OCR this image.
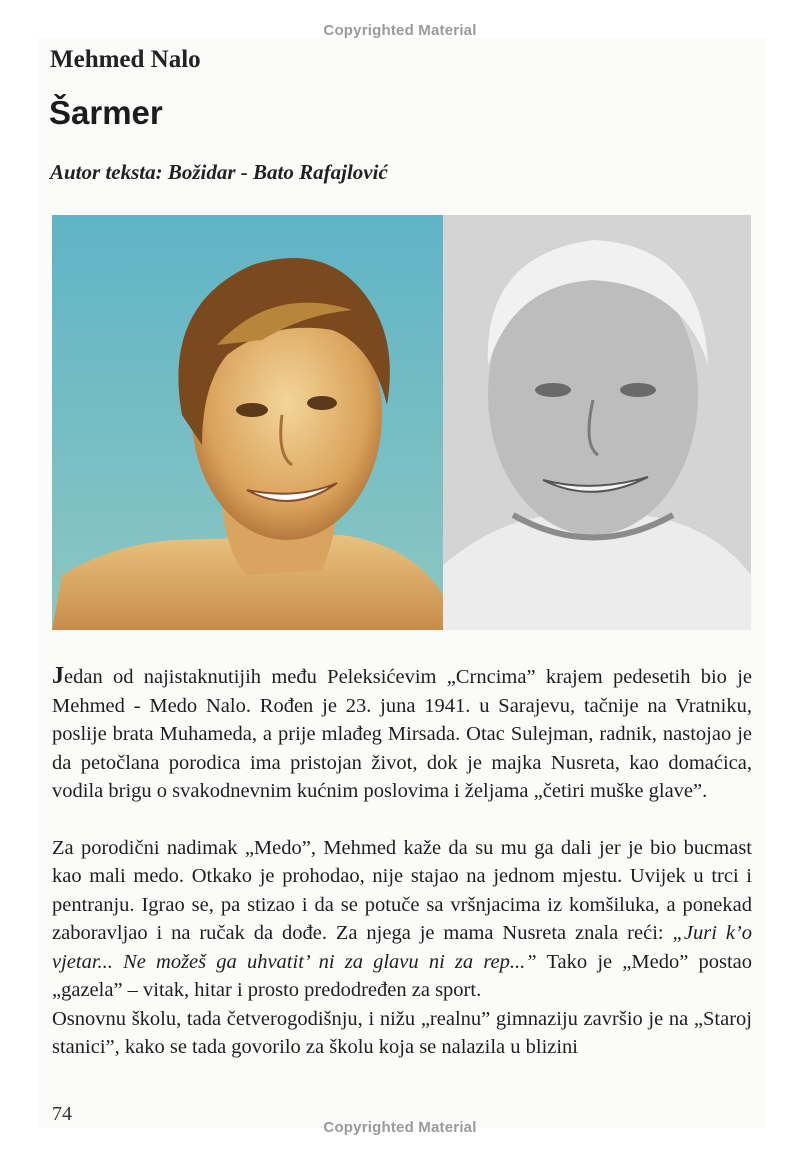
Copyrighted Material
Mehmed Nalo
Šarmer
Autor teksta: Božidar - Bato Rafajlović

Jedan od najistaknutijih među Peleksićevim „Crncima” krajem pedesetih bio je Mehmed - Medo Nalo. Rođen je 23. juna 1941. u Sarajevu, tačnije na Vratniku, poslije brata Muhameda, a prije mlađeg Mirsada. Otac Sulejman, radnik, nastojao je da petočlana porodica ima pristojan život, dok je majka Nusreta, kao domaćica, vodila brigu o svakodnevnim kućnim poslovima i željama „četiri muške glave”.

Za porodični nadimak „Medo”, Mehmed kaže da su mu ga dali jer je bio bucmast kao mali medo. Otkako je prohodao, nije stajao na jednom mjestu. Uvijek u trci i pentranju. Igrao se, pa stizao i da se potuče sa vršnjacima iz komšiluka, a ponekad zaboravljao i na ručak da dođe. Za njega je mama Nusreta znala reći: „Juri k’o vjetar... Ne možeš ga uhvatit’ ni za glavu ni za rep...” Tako je „Medo” postao „gazela” – vitak, hitar i prosto predodređen za sport.

Osnovnu školu, tada četverogodišnju, i nižu „realnu” gimnaziju završio je na „Staroj stanici”, kako se tada govorilo za školu koja se nalazila u blizini

74
Copyrighted Material
